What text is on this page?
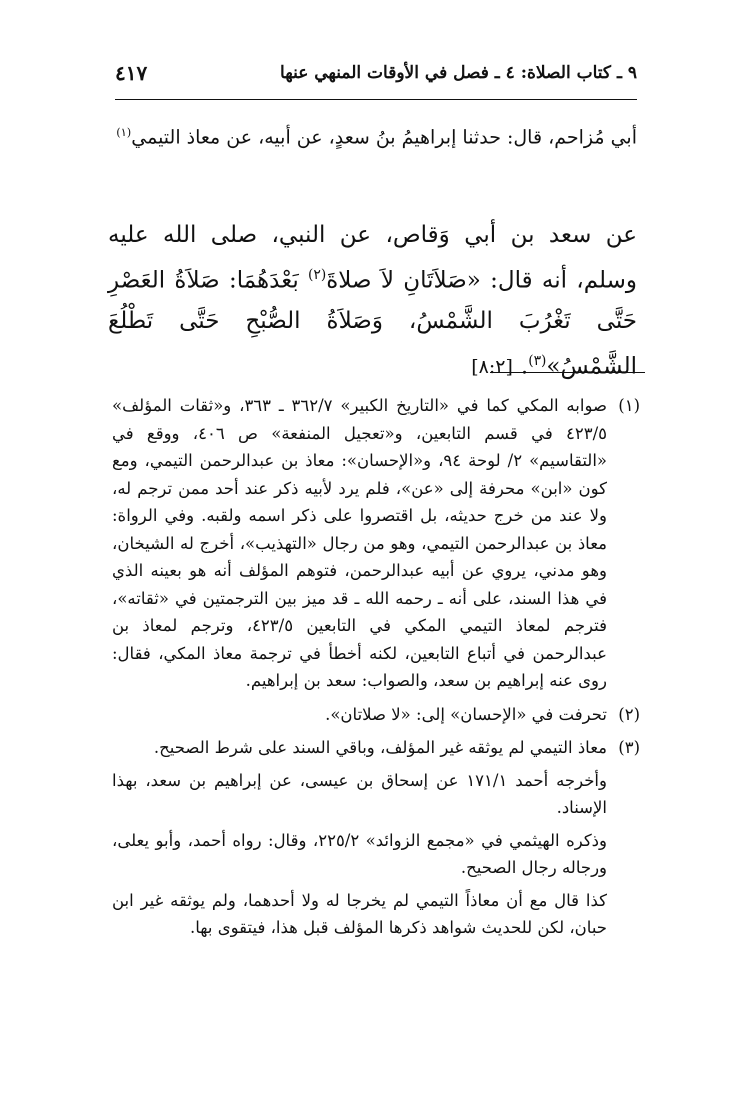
٩ ـ كتاب الصلاة: ٤ ـ فصل في الأوقات المنهي عنها
٤١٧
أبي مُزاحم، قال: حدثنا إبراهيمُ بنُ سعدٍ، عن أبيه، عن معاذ التيمي$^{(١)}$
عن سعد بن أبي وَقاص، عن النبي، صلى الله عليه وسلم، أنه قال: «صَلاَتَانِ لاَ صلاةَ$^{(٢)}$ بَعْدَهُمَا: صَلاَةُ العَصْرِ حَتَّى تَغْرُبَ الشَّمْسُ، وَصَلاَةُ الصُّبْحِ حَتَّى تَطْلُعَ الشَّمْسُ»$^{(٣)}$.[٨:٢]
(١)
صوابه المكي كما في «التاريخ الكبير» ٣٦٢/٧ ـ ٣٦٣، و«ثقات المؤلف» ٤٢٣/٥ في قسم التابعين، و«تعجيل المنفعة» ص ٤٠٦، ووقع في «التقاسيم» ٢/ لوحة ٩٤، و«الإحسان»: معاذ بن عبدالرحمن التيمي، ومع كون «ابن» محرفة إلى «عن»، فلم يرد لأبيه ذكر عند أحد ممن ترجم له، ولا عند من خرج حديثه، بل اقتصروا على ذكر اسمه ولقبه. وفي الرواة: معاذ بن عبدالرحمن التيمي، وهو من رجال «التهذيب»، أخرج له الشيخان، وهو مدني، يروي عن أبيه عبدالرحمن، فتوهم المؤلف أنه هو بعينه الذي في هذا السند، على أنه ـ رحمه الله ـ قد ميز بين الترجمتين في «ثقاته»، فترجم لمعاذ التيمي المكي في التابعين ٤٢٣/٥، وترجم لمعاذ بن عبدالرحمن في أتباع التابعين، لكنه أخطأ في ترجمة معاذ المكي، فقال: روى عنه إبراهيم بن سعد، والصواب: سعد بن إبراهيم.
(٢)
تحرفت في «الإحسان» إلى: «لا صلاتان».
(٣)
معاذ التيمي لم يوثقه غير المؤلف، وباقي السند على شرط الصحيح.
وأخرجه أحمد ١٧١/١ عن إسحاق بن عيسى، عن إبراهيم بن سعد، بهذا الإسناد.
وذكره الهيثمي في «مجمع الزوائد» ٢٢٥/٢، وقال: رواه أحمد، وأبو يعلى، ورجاله رجال الصحيح.
كذا قال مع أن معاذاً التيمي لم يخرجا له ولا أحدهما، ولم يوثقه غير ابن حبان، لكن للحديث شواهد ذكرها المؤلف قبل هذا، فيتقوى بها.
